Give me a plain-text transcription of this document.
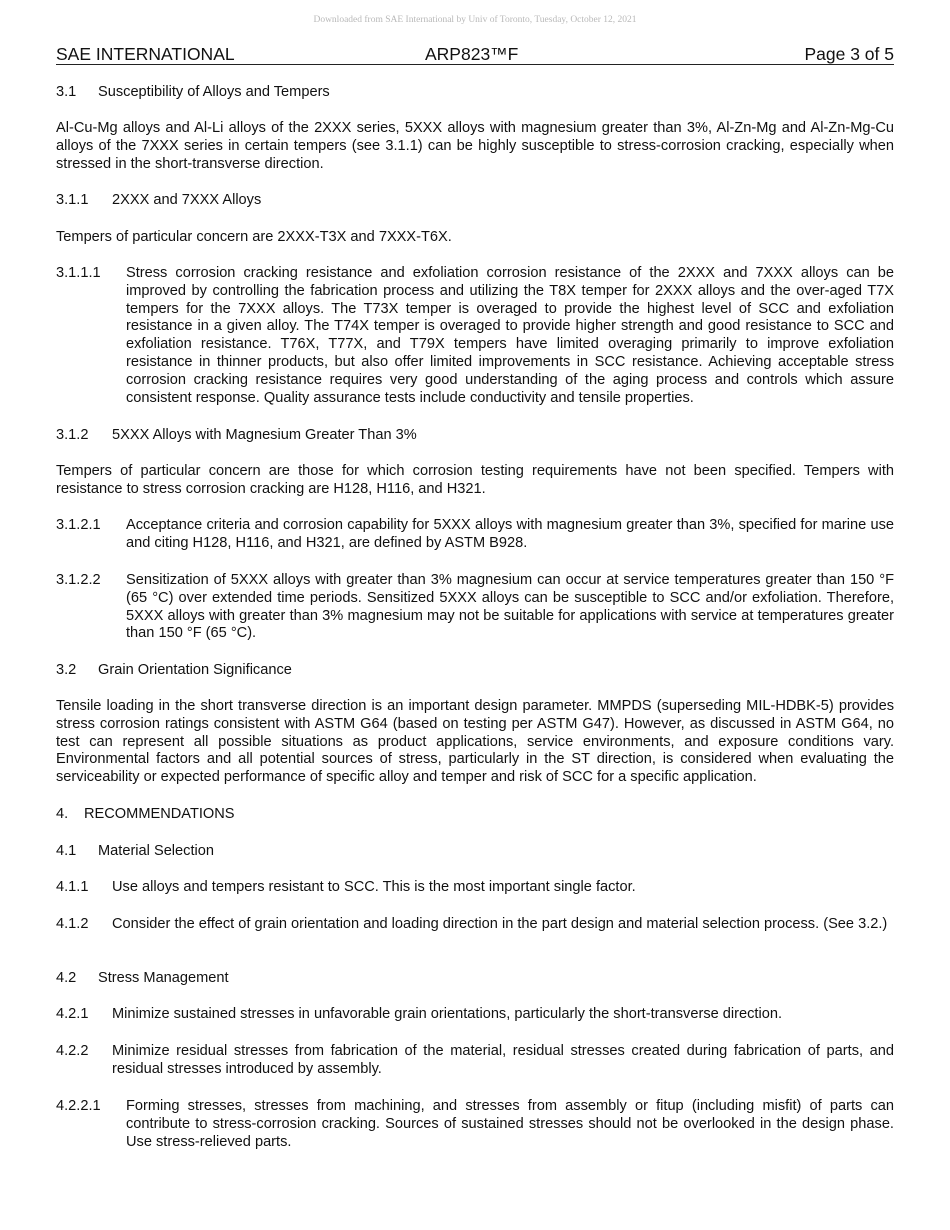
Downloaded from SAE International by Univ of Toronto, Tuesday, October 12, 2021
SAE INTERNATIONAL	ARP823™F	Page 3 of 5
3.1 Susceptibility of Alloys and Tempers
Al-Cu-Mg alloys and Al-Li alloys of the 2XXX series, 5XXX alloys with magnesium greater than 3%, Al-Zn-Mg and Al-Zn-Mg-Cu alloys of the 7XXX series in certain tempers (see 3.1.1) can be highly susceptible to stress-corrosion cracking, especially when stressed in the short-transverse direction.
3.1.1 2XXX and 7XXX Alloys
Tempers of particular concern are 2XXX-T3X and 7XXX-T6X.
3.1.1.1 Stress corrosion cracking resistance and exfoliation corrosion resistance of the 2XXX and 7XXX alloys can be improved by controlling the fabrication process and utilizing the T8X temper for 2XXX alloys and the over-aged T7X tempers for the 7XXX alloys. The T73X temper is overaged to provide the highest level of SCC and exfoliation resistance in a given alloy. The T74X temper is overaged to provide higher strength and good resistance to SCC and exfoliation resistance. T76X, T77X, and T79X tempers have limited overaging primarily to improve exfoliation resistance in thinner products, but also offer limited improvements in SCC resistance. Achieving acceptable stress corrosion cracking resistance requires very good understanding of the aging process and controls which assure consistent response. Quality assurance tests include conductivity and tensile properties.
3.1.2 5XXX Alloys with Magnesium Greater Than 3%
Tempers of particular concern are those for which corrosion testing requirements have not been specified. Tempers with resistance to stress corrosion cracking are H128, H116, and H321.
3.1.2.1 Acceptance criteria and corrosion capability for 5XXX alloys with magnesium greater than 3%, specified for marine use and citing H128, H116, and H321, are defined by ASTM B928.
3.1.2.2 Sensitization of 5XXX alloys with greater than 3% magnesium can occur at service temperatures greater than 150 °F (65 °C) over extended time periods. Sensitized 5XXX alloys can be susceptible to SCC and/or exfoliation. Therefore, 5XXX alloys with greater than 3% magnesium may not be suitable for applications with service at temperatures greater than 150 °F (65 °C).
3.2 Grain Orientation Significance
Tensile loading in the short transverse direction is an important design parameter. MMPDS (superseding MIL-HDBK-5) provides stress corrosion ratings consistent with ASTM G64 (based on testing per ASTM G47). However, as discussed in ASTM G64, no test can represent all possible situations as product applications, service environments, and exposure conditions vary. Environmental factors and all potential sources of stress, particularly in the ST direction, is considered when evaluating the serviceability or expected performance of specific alloy and temper and risk of SCC for a specific application.
4. RECOMMENDATIONS
4.1 Material Selection
4.1.1 Use alloys and tempers resistant to SCC. This is the most important single factor.
4.1.2 Consider the effect of grain orientation and loading direction in the part design and material selection process. (See 3.2.)
4.2 Stress Management
4.2.1 Minimize sustained stresses in unfavorable grain orientations, particularly the short-transverse direction.
4.2.2 Minimize residual stresses from fabrication of the material, residual stresses created during fabrication of parts, and residual stresses introduced by assembly.
4.2.2.1 Forming stresses, stresses from machining, and stresses from assembly or fitup (including misfit) of parts can contribute to stress-corrosion cracking. Sources of sustained stresses should not be overlooked in the design phase. Use stress-relieved parts.
